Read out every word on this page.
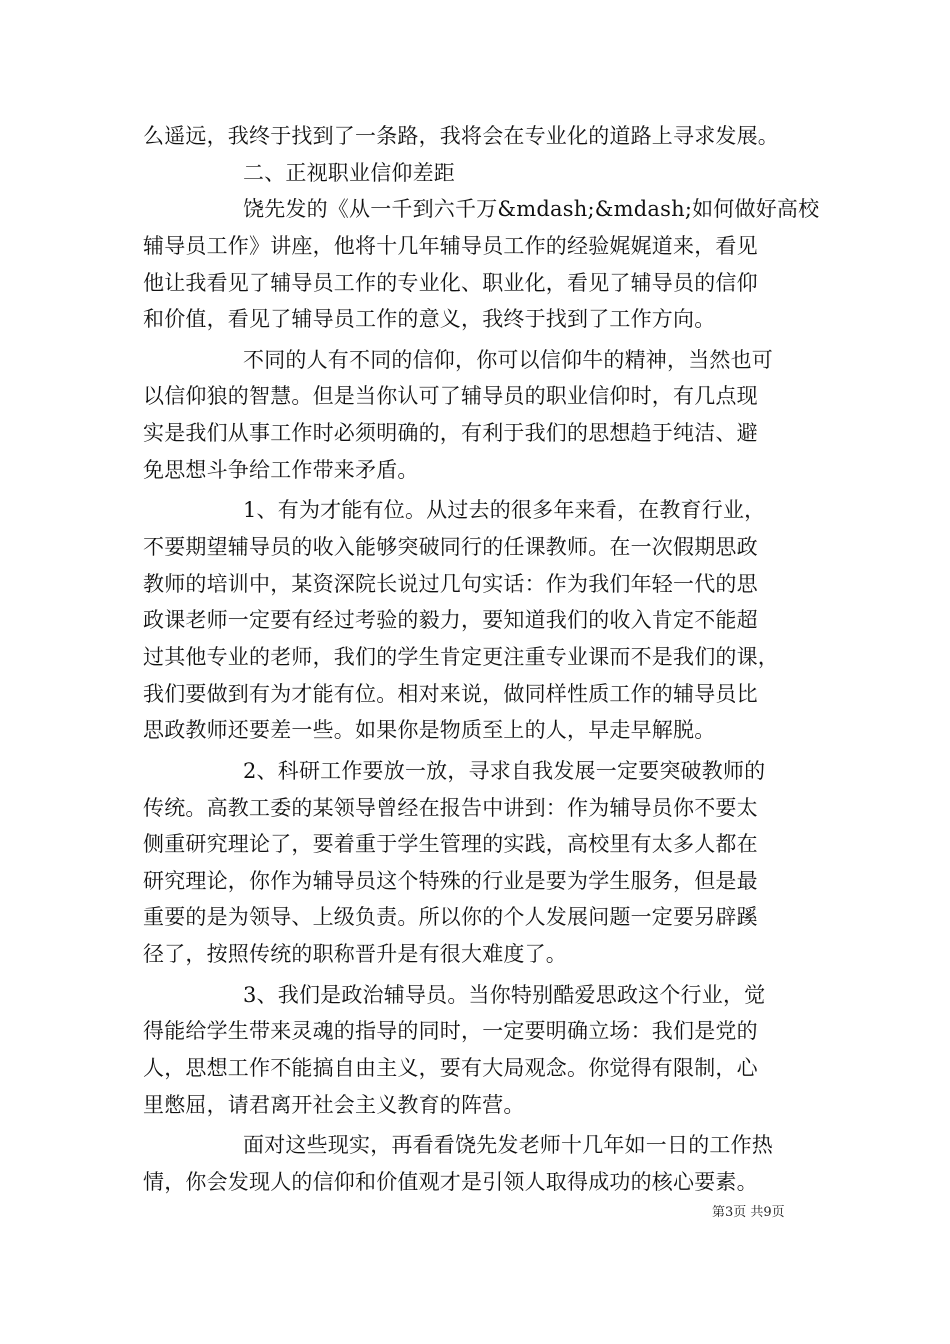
么遥远，我终于找到了一条路，我将会在专业化的道路上寻求发展。
二、正视职业信仰差距
饶先发的《从一千到六千万&mdash;&mdash;如何做好高校
辅导员工作》讲座，他将十几年辅导员工作的经验娓娓道来，看见
他让我看见了辅导员工作的专业化、职业化，看见了辅导员的信仰
和价值，看见了辅导员工作的意义，我终于找到了工作方向。
不同的人有不同的信仰，你可以信仰牛的精神，当然也可
以信仰狼的智慧。但是当你认可了辅导员的职业信仰时，有几点现
实是我们从事工作时必须明确的，有利于我们的思想趋于纯洁、避
免思想斗争给工作带来矛盾。
1、有为才能有位。从过去的很多年来看，在教育行业，
不要期望辅导员的收入能够突破同行的任课教师。在一次假期思政
教师的培训中，某资深院长说过几句实话：作为我们年轻一代的思
政课老师一定要有经过考验的毅力，要知道我们的收入肯定不能超
过其他专业的老师，我们的学生肯定更注重专业课而不是我们的课，
我们要做到有为才能有位。相对来说，做同样性质工作的辅导员比
思政教师还要差一些。如果你是物质至上的人，早走早解脱。
2、科研工作要放一放，寻求自我发展一定要突破教师的
传统。高教工委的某领导曾经在报告中讲到：作为辅导员你不要太
侧重研究理论了，要着重于学生管理的实践，高校里有太多人都在
研究理论，你作为辅导员这个特殊的行业是要为学生服务，但是最
重要的是为领导、上级负责。所以你的个人发展问题一定要另辟蹊
径了，按照传统的职称晋升是有很大难度了。
3、我们是政治辅导员。当你特别酷爱思政这个行业，觉
得能给学生带来灵魂的指导的同时，一定要明确立场：我们是党的
人，思想工作不能搞自由主义，要有大局观念。你觉得有限制，心
里憋屈，请君离开社会主义教育的阵营。
面对这些现实，再看看饶先发老师十几年如一日的工作热
情，你会发现人的信仰和价值观才是引领人取得成功的核心要素。
第3页 共9页
